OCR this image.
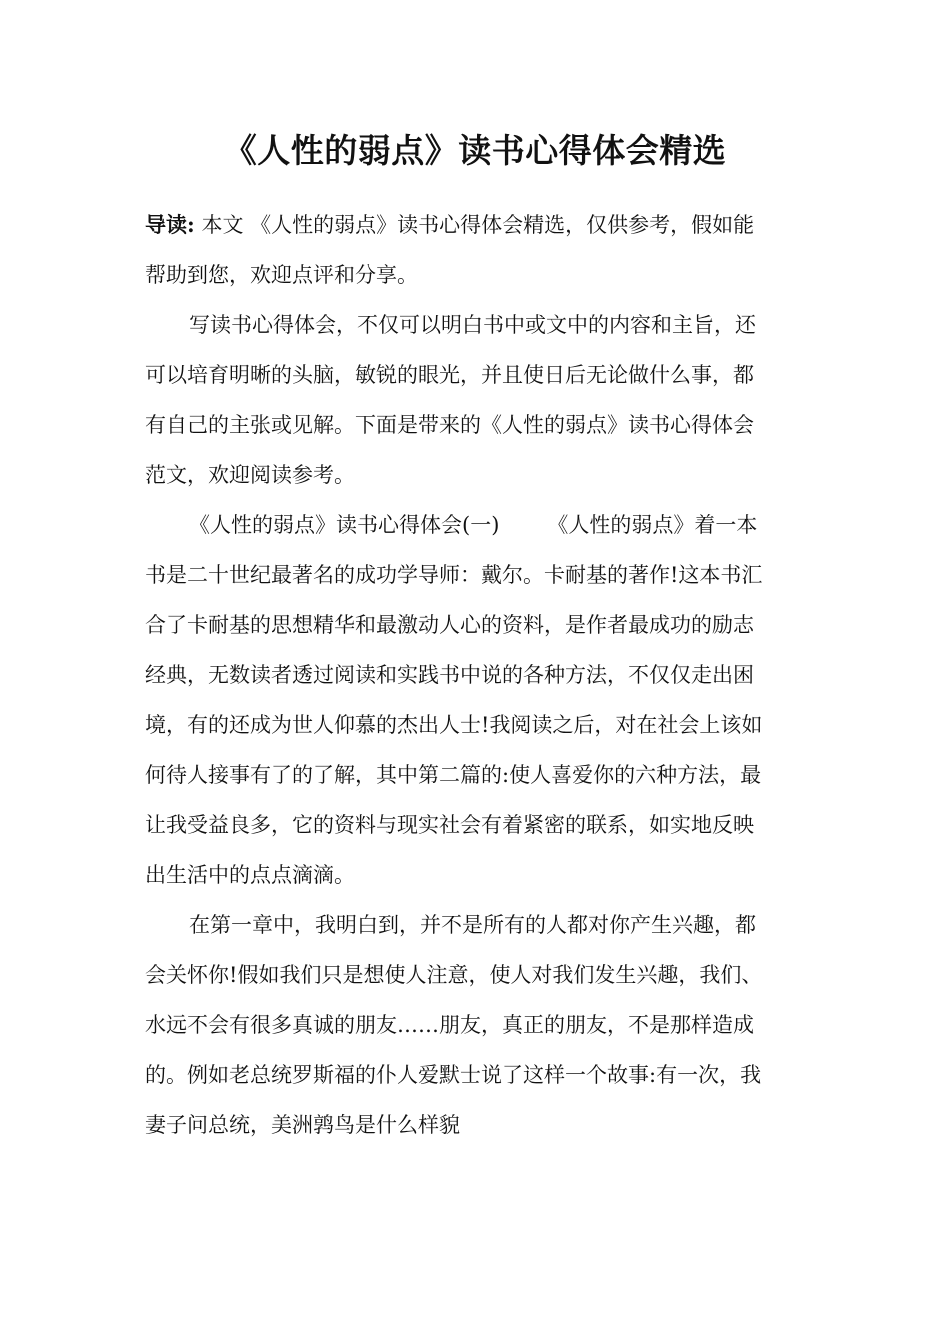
《人性的弱点》读书心得体会精选
导读: 本文 《人性的弱点》读书心得体会精选，仅供参考，假如能
帮助到您，欢迎点评和分享。
写读书心得体会，不仅可以明白书中或文中的内容和主旨，还
可以培育明晰的头脑，敏锐的眼光，并且使日后无论做什么事，都
有自己的主张或见解。下面是带来的《人性的弱点》读书心得体会
范文，欢迎阅读参考。
《人性的弱点》读书心得体会(一) 《人性的弱点》着一本
书是二十世纪最著名的成功学导师：戴尔。卡耐基的著作!这本书汇
合了卡耐基的思想精华和最激动人心的资料，是作者最成功的励志
经典，无数读者透过阅读和实践书中说的各种方法，不仅仅走出困
境，有的还成为世人仰慕的杰出人士!我阅读之后，对在社会上该如
何待人接事有了的了解，其中第二篇的:使人喜爱你的六种方法，最
让我受益良多，它的资料与现实社会有着紧密的联系，如实地反映
出生活中的点点滴滴。
在第一章中，我明白到，并不是所有的人都对你产生兴趣，都
会关怀你!假如我们只是想使人注意，使人对我们发生兴趣，我们、
水远不会有很多真诚的朋友……朋友，真正的朋友，不是那样造成
的。例如老总统罗斯福的仆人爱默士说了这样一个故事:有一次，我
妻子问总统，美洲鹑鸟是什么样貌
